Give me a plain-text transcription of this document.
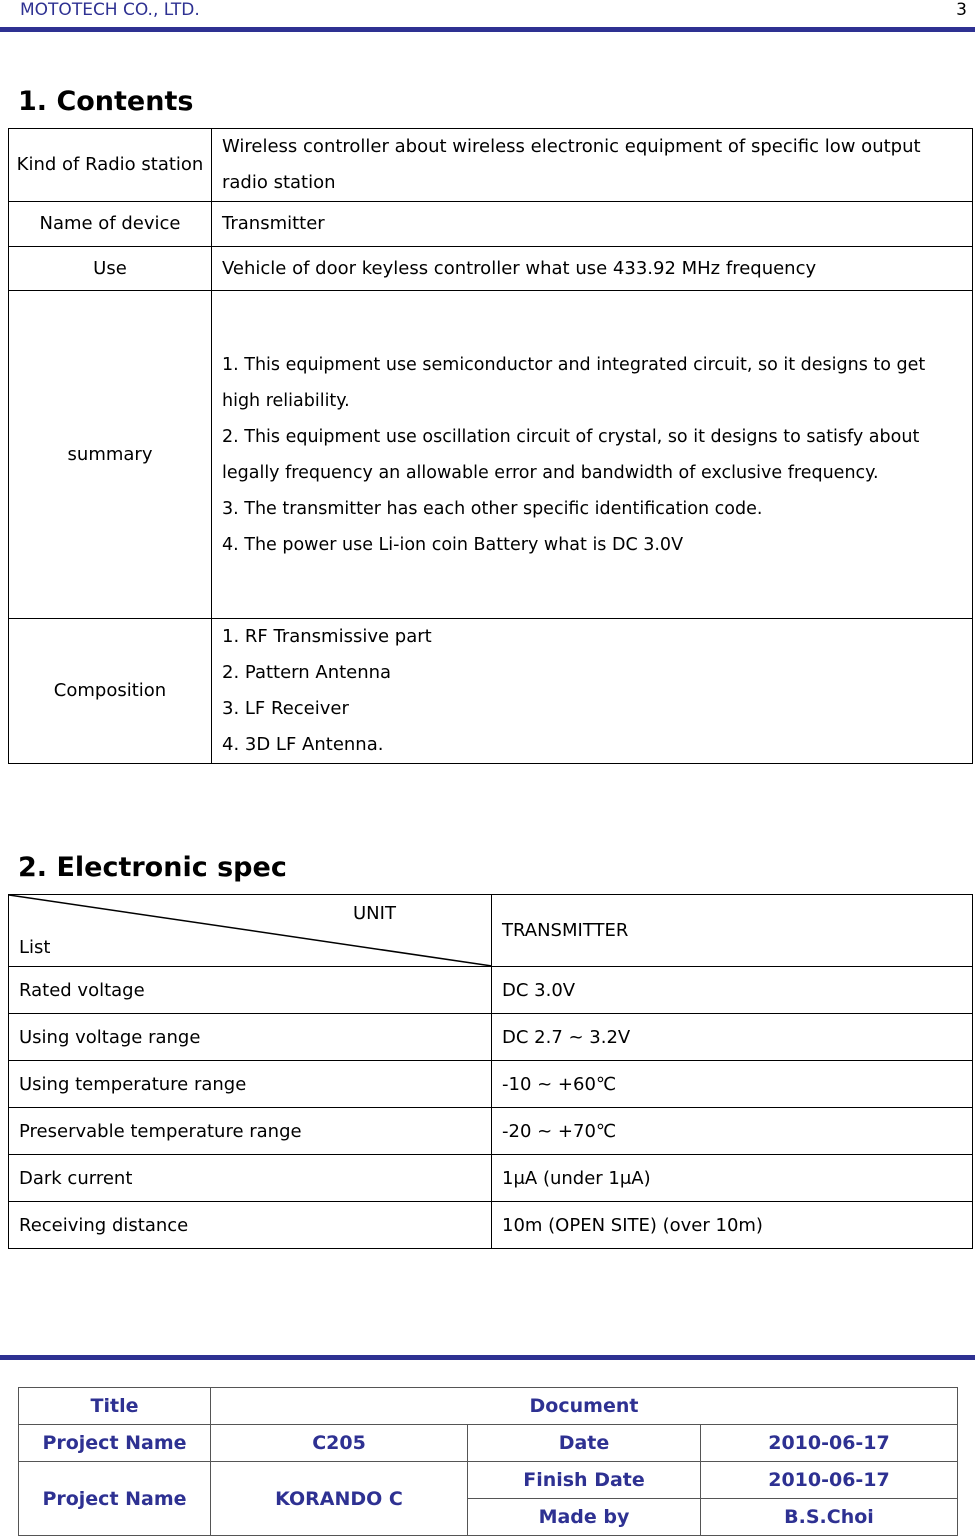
MOTOTECH CO., LTD.	3
1. Contents
Kind of Radio station	Wireless controller about wireless electronic equipment of specific low output radio station
Name of device	Transmitter
Use	Vehicle of door keyless controller what use 433.92 MHz frequency
summary	1. This equipment use semiconductor and integrated circuit, so it designs to get high reliability.
2. This equipment use oscillation circuit of crystal, so it designs to satisfy about legally frequency an allowable error and bandwidth of exclusive frequency.
3. The transmitter has each other specific identification code.
4. The power use Li-ion coin Battery what is DC 3.0V

Composition	1. RF Transmissive part
2. Pattern Antenna
3. LF Receiver
4. 3D LF Antenna.
2. Electronic spec
UNIT
List	TRANSMITTER
Rated voltage	DC 3.0V
Using voltage range	DC 2.7 ~ 3.2V
Using temperature range	-10 ~ +60℃
Preservable temperature range	-20 ~ +70℃
Dark current	1μA (under 1μA)
Receiving distance	10m (OPEN SITE) (over 10m)
Title	Document		
Project Name	C205	Date	2010-06-17
Project Name	KORANDO C	Finish Date	2010-06-17
		Made by	B.S.Choi
